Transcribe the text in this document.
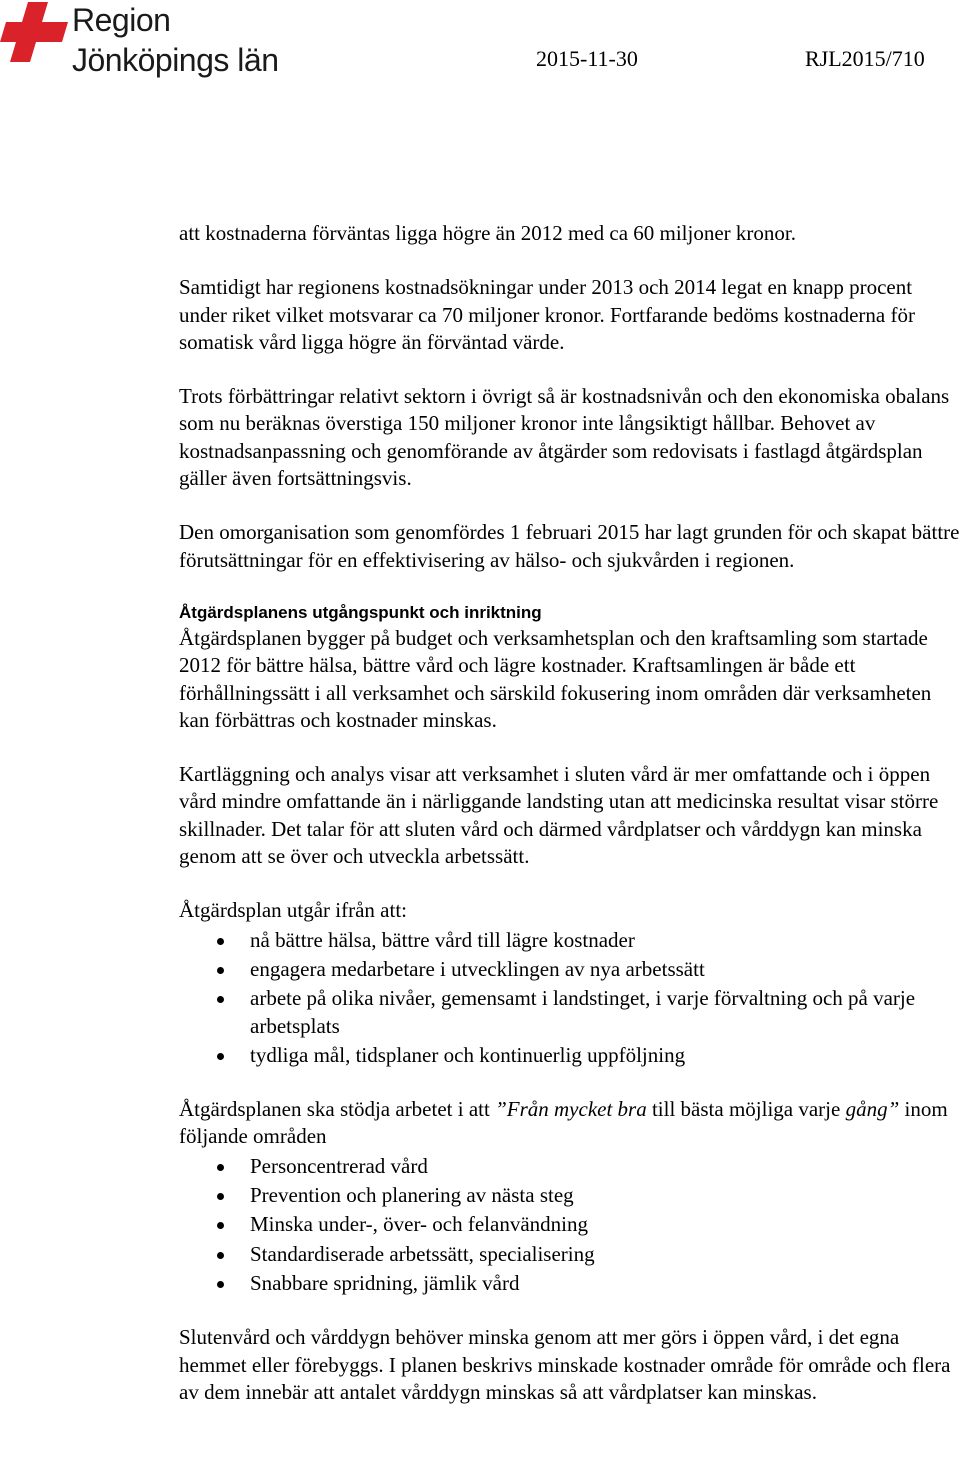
Region
Jönköpings län	2015-11-30	RJL2015/710

att kostnaderna förväntas ligga högre än 2012 med ca 60 miljoner kronor.

Samtidigt har regionens kostnadsökningar under 2013 och 2014 legat en knapp procent under riket vilket motsvarar ca 70 miljoner kronor. Fortfarande bedöms kostnaderna för somatisk vård ligga högre än förväntad värde.

Trots förbättringar relativt sektorn i övrigt så är kostnadsnivån och den ekonomiska obalans som nu beräknas överstiga 150 miljoner kronor inte långsiktigt hållbar. Behovet av kostnadsanpassning och genomförande av åtgärder som redovisats i fastlagd åtgärdsplan gäller även fortsättningsvis.

Den omorganisation som genomfördes 1 februari 2015 har lagt grunden för och skapat bättre förutsättningar för en effektivisering av hälso- och sjukvården i regionen.

Åtgärdsplanens utgångspunkt och inriktning

Åtgärdsplanen bygger på budget och verksamhetsplan och den kraftsamling som startade 2012 för bättre hälsa, bättre vård och lägre kostnader. Kraftsamlingen är både ett förhållningssätt i all verksamhet och särskild fokusering inom områden där verksamheten kan förbättras och kostnader minskas.

Kartläggning och analys visar att verksamhet i sluten vård är mer omfattande och i öppen vård mindre omfattande än i närliggande landsting utan att medicinska resultat visar större skillnader. Det talar för att sluten vård och därmed vårdplatser och vårddygn kan minska genom att se över och utveckla arbetssätt.

Åtgärdsplan utgår ifrån att:

nå bättre hälsa, bättre vård till lägre kostnader
engagera medarbetare i utvecklingen av nya arbetssätt
arbete på olika nivåer, gemensamt i landstinget, i varje förvaltning och på varje arbetsplats
tydliga mål, tidsplaner och kontinuerlig uppföljning

Åtgärdsplanen ska stödja arbetet i att ”Från mycket bra till bästa möjliga varje gång” inom följande områden

Personcentrerad vård
Prevention och planering av nästa steg
Minska under-, över- och felanvändning
Standardiserade arbetssätt, specialisering
Snabbare spridning, jämlik vård

Slutenvård och vårddygn behöver minska genom att mer görs i öppen vård, i det egna hemmet eller förebyggs. I planen beskrivs minskade kostnader område för område och flera av dem innebär att antalet vårddygn minskas så att vårdplatser kan minskas.
